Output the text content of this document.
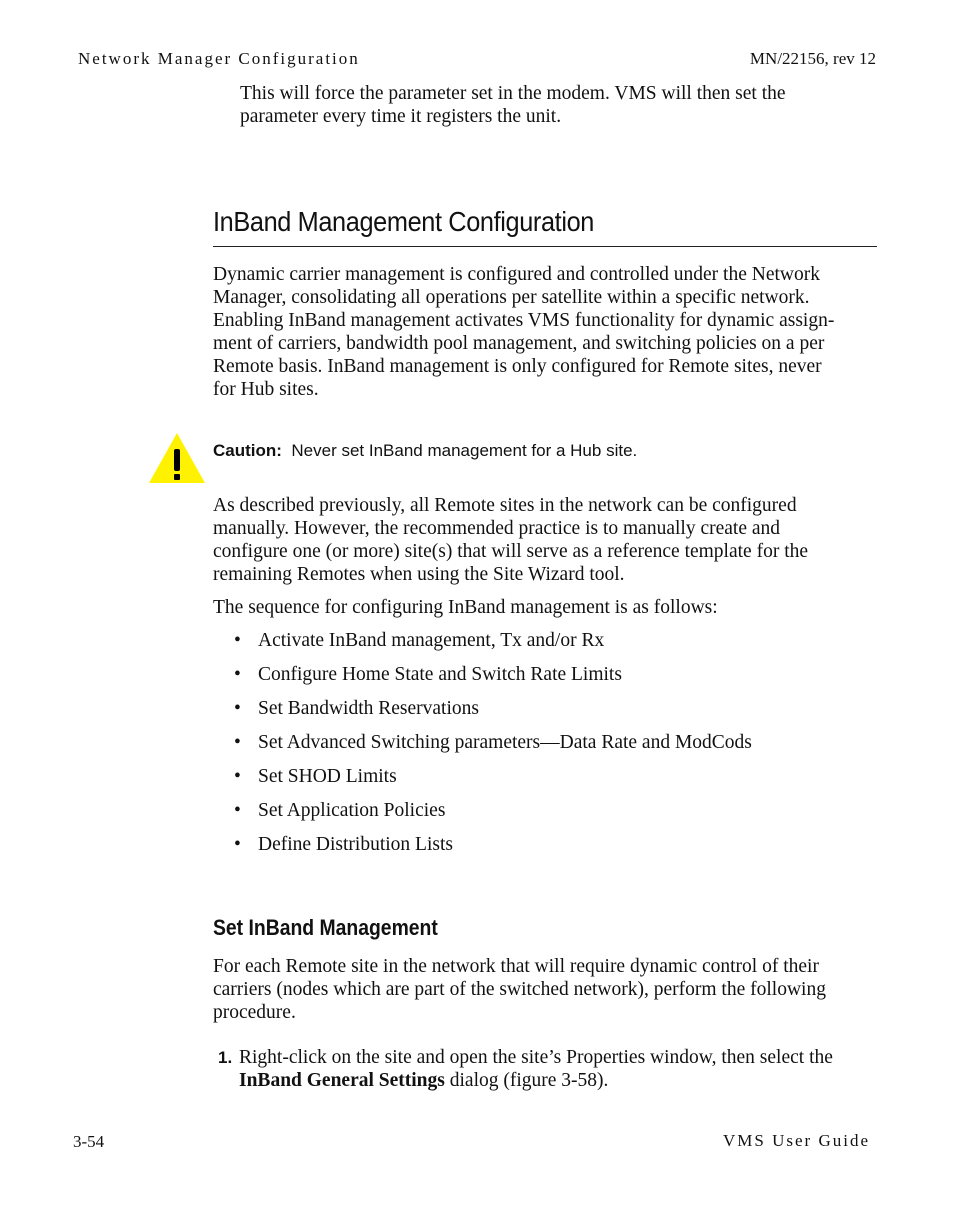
Network Manager Configuration	MN/22156, rev 12
This will force the parameter set in the modem. VMS will then set the
parameter every time it registers the unit.
InBand Management Configuration
Dynamic carrier management is configured and controlled under the Network
Manager, consolidating all operations per satellite within a specific network.
Enabling InBand management activates VMS functionality for dynamic assign-
ment of carriers, bandwidth pool management, and switching policies on a per
Remote basis. InBand management is only configured for Remote sites, never
for Hub sites.
Caution: Never set InBand management for a Hub site.
As described previously, all Remote sites in the network can be configured
manually. However, the recommended practice is to manually create and
configure one (or more) site(s) that will serve as a reference template for the
remaining Remotes when using the Site Wizard tool.
The sequence for configuring InBand management is as follows:
• Activate InBand management, Tx and/or Rx
• Configure Home State and Switch Rate Limits
• Set Bandwidth Reservations
• Set Advanced Switching parameters—Data Rate and ModCods
• Set SHOD Limits
• Set Application Policies
• Define Distribution Lists
Set InBand Management
For each Remote site in the network that will require dynamic control of their
carriers (nodes which are part of the switched network), perform the following
procedure.
1. Right-click on the site and open the site’s Properties window, then select the
InBand General Settings dialog (figure 3-58).
3-54	VMS User Guide
